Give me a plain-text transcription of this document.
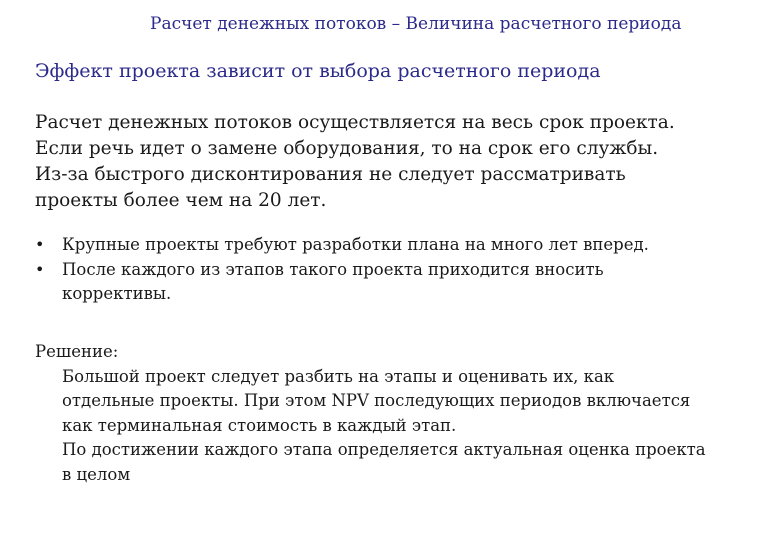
Расчет денежных потоков – Величина расчетного периода
Эффект проекта зависит от выбора расчетного периода
Расчет денежных потоков осуществляется на весь срок проекта.
Если речь идет о замене оборудования, то на срок его службы.
Из-за быстрого дисконтирования не следует рассматривать
проекты более чем на 20 лет.
• Крупные проекты требуют разработки плана на много лет вперед.
• После каждого из этапов такого проекта приходится вносить
коррективы.
Решение:
Большой проект следует разбить на этапы и оценивать их, как
отдельные проекты. При этом NPV последующих периодов включается
как терминальная стоимость в каждый этап.
По достижении каждого этапа определяется актуальная оценка проекта
в целом
